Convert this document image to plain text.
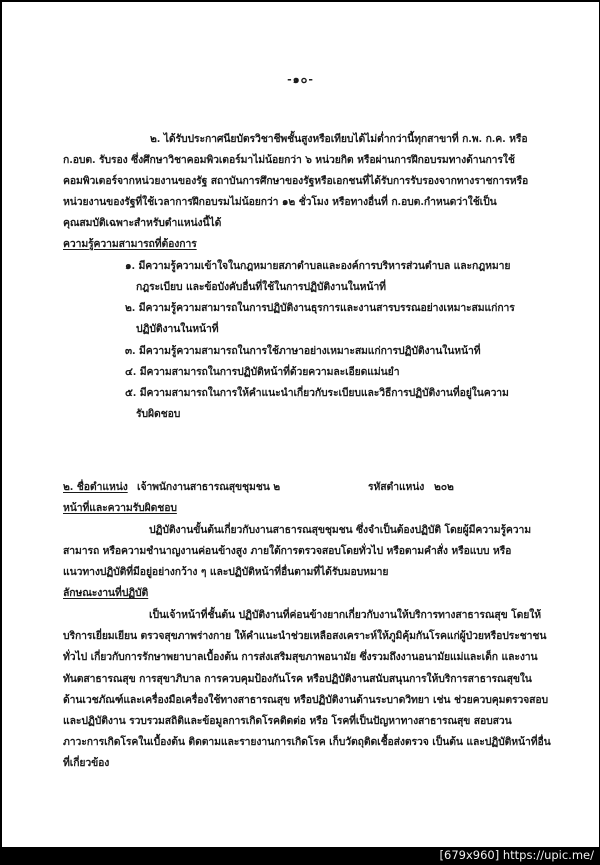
-๑๐-
๒. ได้รับประกาศนียบัตรวิชาชีพชั้นสูงหรือเทียบได้ไม่ต่ำกว่านี้ทุกสาขาที่ ก.พ. ก.ค. หรือ
ก.อบต. รับรอง ซึ่งศึกษาวิชาคอมพิวเตอร์มาไม่น้อยกว่า ๖ หน่วยกิต หรือผ่านการฝึกอบรมทางด้านการใช้
คอมพิวเตอร์จากหน่วยงานของรัฐ สถาบันการศึกษาของรัฐหรือเอกชนที่ได้รับการรับรองจากทางราชการหรือ
หน่วยงานของรัฐที่ใช้เวลาการฝึกอบรมไม่น้อยกว่า ๑๒ ชั่วโมง หรือทางอื่นที่ ก.อบต.กำหนดว่าใช้เป็น
คุณสมบัติเฉพาะสำหรับตำแหน่งนี้ได้
ความรู้ความสามารถที่ต้องการ
๑. มีความรู้ความเข้าใจในกฎหมายสภาตำบลและองค์การบริหารส่วนตำบล และกฎหมาย
กฎระเบียบ และข้อบังคับอื่นที่ใช้ในการปฏิบัติงานในหน้าที่
๒. มีความรู้ความสามารถในการปฏิบัติงานธุรการและงานสารบรรณอย่างเหมาะสมแก่การ
ปฏิบัติงานในหน้าที่
๓. มีความรู้ความสามารถในการใช้ภาษาอย่างเหมาะสมแก่การปฏิบัติงานในหน้าที่
๔. มีความสามารถในการปฏิบัติหน้าที่ด้วยความละเอียดแม่นยำ
๕. มีความสามารถในการให้คำแนะนำเกี่ยวกับระเบียบและวิธีการปฏิบัติงานที่อยู่ในความ
รับผิดชอบ
๒. ชื่อตำแหน่ง เจ้าพนักงานสาธารณสุขชุมชน ๒	รหัสตำแหน่ง ๒๐๒
หน้าที่และความรับผิดชอบ
ปฏิบัติงานขั้นต้นเกี่ยวกับงานสาธารณสุขชุมชน ซึ่งจำเป็นต้องปฏิบัติ โดยผู้มีความรู้ความ
สามารถ หรือความชำนาญงานค่อนข้างสูง ภายใต้การตรวจสอบโดยทั่วไป หรือตามคำสั่ง หรือแบบ หรือ
แนวทางปฏิบัติที่มีอยู่อย่างกว้าง ๆ และปฏิบัติหน้าที่อื่นตามที่ได้รับมอบหมาย
ลักษณะงานที่ปฏิบัติ
เป็นเจ้าหน้าที่ชั้นต้น ปฏิบัติงานที่ค่อนข้างยากเกี่ยวกับงานให้บริการทางสาธารณสุข โดยให้
บริการเยี่ยมเยียน ตรวจสุขภาพร่างกาย ให้คำแนะนำช่วยเหลือสงเคราะห์ให้ภูมิคุ้มกันโรคแก่ผู้ป่วยหรือประชาชน
ทั่วไป เกี่ยวกับการรักษาพยาบาลเบื้องต้น การส่งเสริมสุขภาพอนามัย ซึ่งรวมถึงงานอนามัยแม่และเด็ก และงาน
ทันตสาธารณสุข การสุขาภิบาล การควบคุมป้องกันโรค หรือปฏิบัติงานสนับสนุนการให้บริการสาธารณสุขใน
ด้านเวชภัณฑ์และเครื่องมือเครื่องใช้ทางสาธารณสุข หรือปฏิบัติงานด้านระบาดวิทยา เช่น ช่วยควบคุมตรวจสอบ
และปฏิบัติงาน รวบรวมสถิติและข้อมูลการเกิดโรคติดต่อ หรือ โรคที่เป็นปัญหาทางสาธารณสุข สอบสวน
ภาวะการเกิดโรคในเบื้องต้น ติดตามและรายงานการเกิดโรค เก็บวัตถุติดเชื้อส่งตรวจ เป็นต้น และปฏิบัติหน้าที่อื่น
ที่เกี่ยวข้อง
[679x960] https://upic.me/
